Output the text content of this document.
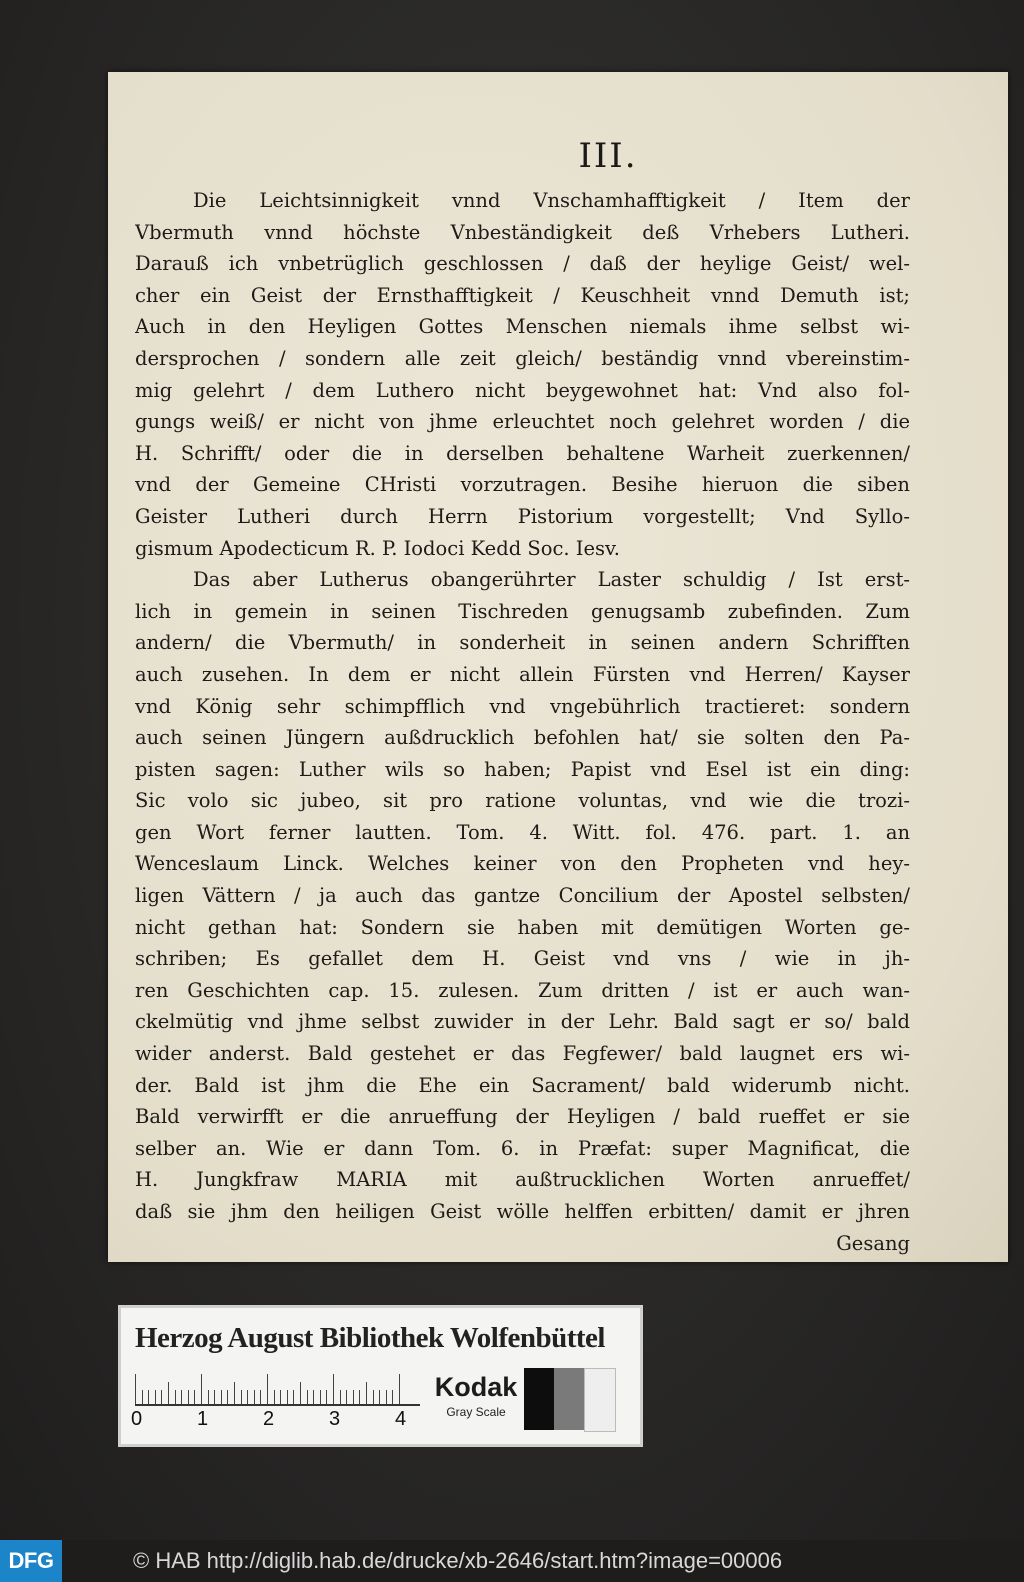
III.
Die Leichtsinnigkeit vnnd Vnschamhafftigkeit / Item der
Vbermuth vnnd höchste Vnbeständigkeit deß Vrhebers Lutheri.
Darauß ich vnbetrüglich geschlossen / daß der heylige Geist/ wel-
cher ein Geist der Ernsthafftigkeit / Keuschheit vnnd Demuth ist;
Auch in den Heyligen Gottes Menschen niemals ihme selbst wi-
dersprochen / sondern alle zeit gleich/ beständig vnnd vbereinstim-
mig gelehrt / dem Luthero nicht beygewohnet hat: Vnd also fol-
gungs weiß/ er nicht von jhme erleuchtet noch gelehret worden / die
H. Schrifft/ oder die in derselben behaltene Warheit zuerkennen/
vnd der Gemeine CHristi vorzutragen. Besihe hieruon die siben
Geister Lutheri durch Herrn Pistorium vorgestellt; Vnd Syllo-
gismum Apodecticum R. P. Iodoci Kedd Soc. Iesv.
Das aber Lutherus obangerührter Laster schuldig / Ist erst-
lich in gemein in seinen Tischreden genugsamb zubefinden. Zum
andern/ die Vbermuth/ in sonderheit in seinen andern Schrifften
auch zusehen. In dem er nicht allein Fürsten vnd Herren/ Kayser
vnd König sehr schimpfflich vnd vngebührlich tractieret: sondern
auch seinen Jüngern außdrucklich befohlen hat/ sie solten den Pa-
pisten sagen: Luther wils so haben; Papist vnd Esel ist ein ding:
Sic volo sic jubeo, sit pro ratione voluntas, vnd wie die trozi-
gen Wort ferner lautten. Tom. 4. Witt. fol. 476. part. 1. an
Wenceslaum Linck. Welches keiner von den Propheten vnd hey-
ligen Vättern / ja auch das gantze Concilium der Apostel selbsten/
nicht gethan hat: Sondern sie haben mit demütigen Worten ge-
schriben; Es gefallet dem H. Geist vnd vns / wie in jh-
ren Geschichten cap. 15. zulesen. Zum dritten / ist er auch wan-
ckelmütig vnd jhme selbst zuwider in der Lehr. Bald sagt er so/ bald
wider anderst. Bald gestehet er das Fegfewer/ bald laugnet ers wi-
der. Bald ist jhm die Ehe ein Sacrament/ bald widerumb nicht.
Bald verwirfft er die anrueffung der Heyligen / bald rueffet er sie
selber an. Wie er dann Tom. 6. in Præfat: super Magnificat, die
H. Jungkfraw MARIA mit außtrucklichen Worten anrueffet/
daß sie jhm den heiligen Geist wölle helffen erbitten/ damit er jhren
Gesang
Herzog August Bibliothek Wolfenbüttel
0	1	2	3	4
Kodak
Gray Scale
DFG	© HAB http://diglib.hab.de/drucke/xb-2646/start.htm?image=00006
